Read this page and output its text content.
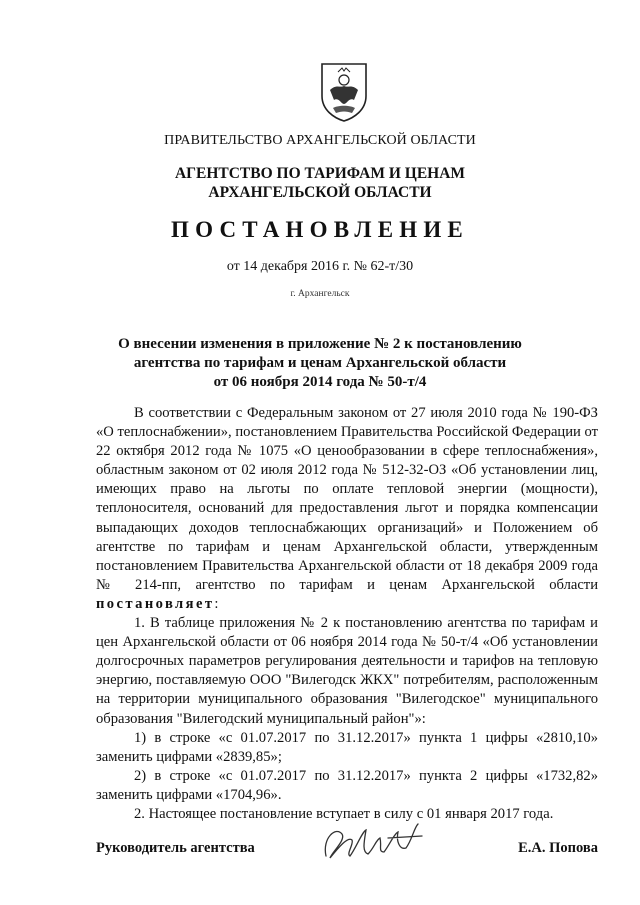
ПРАВИТЕЛЬСТВО АРХАНГЕЛЬСКОЙ ОБЛАСТИ
АГЕНТСТВО ПО ТАРИФАМ И ЦЕНАМ
АРХАНГЕЛЬСКОЙ ОБЛАСТИ
ПОСТАНОВЛЕНИЕ
от 14 декабря 2016 г. № 62-т/30
г. Архангельск
О внесении изменения в приложение № 2 к постановлению
агентства по тарифам и ценам Архангельской области
от 06 ноября 2014 года № 50-т/4

В соответствии с Федеральным законом от 27 июля 2010 года № 190-ФЗ «О теплоснабжении», постановлением Правительства Российской Федерации от 22 октября 2012 года № 1075 «О ценообразовании в сфере теплоснабжения», областным законом от 02 июля 2012 года № 512-32-ОЗ «Об установлении лиц, имеющих право на льготы по оплате тепловой энергии (мощности), теплоносителя, оснований для предоставления льгот и порядка компенсации выпадающих доходов теплоснабжающих организаций» и Положением об агентстве по тарифам и ценам Архангельской области, утвержденным постановлением Правительства Архангельской области от 18 декабря 2009 года № 214-пп, агентство по тарифам и ценам Архангельской области постановляет:

1. В таблице приложения № 2 к постановлению агентства по тарифам и цен Архангельской области от 06 ноября 2014 года № 50-т/4 «Об установлении долгосрочных параметров регулирования деятельности и тарифов на тепловую энергию, поставляемую ООО "Вилегодск ЖКХ" потребителям, расположенным на территории муниципального образования "Вилегодское" муниципального образования "Вилегодский муниципальный район"»:

1) в строке «с 01.07.2017 по 31.12.2017» пункта 1 цифры «2810,10» заменить цифрами «2839,85»;

2) в строке «с 01.07.2017 по 31.12.2017» пункта 2 цифры «1732,82» заменить цифрами «1704,96».

2. Настоящее постановление вступает в силу с 01 января 2017 года.

Руководитель агентства	Е.А. Попова
